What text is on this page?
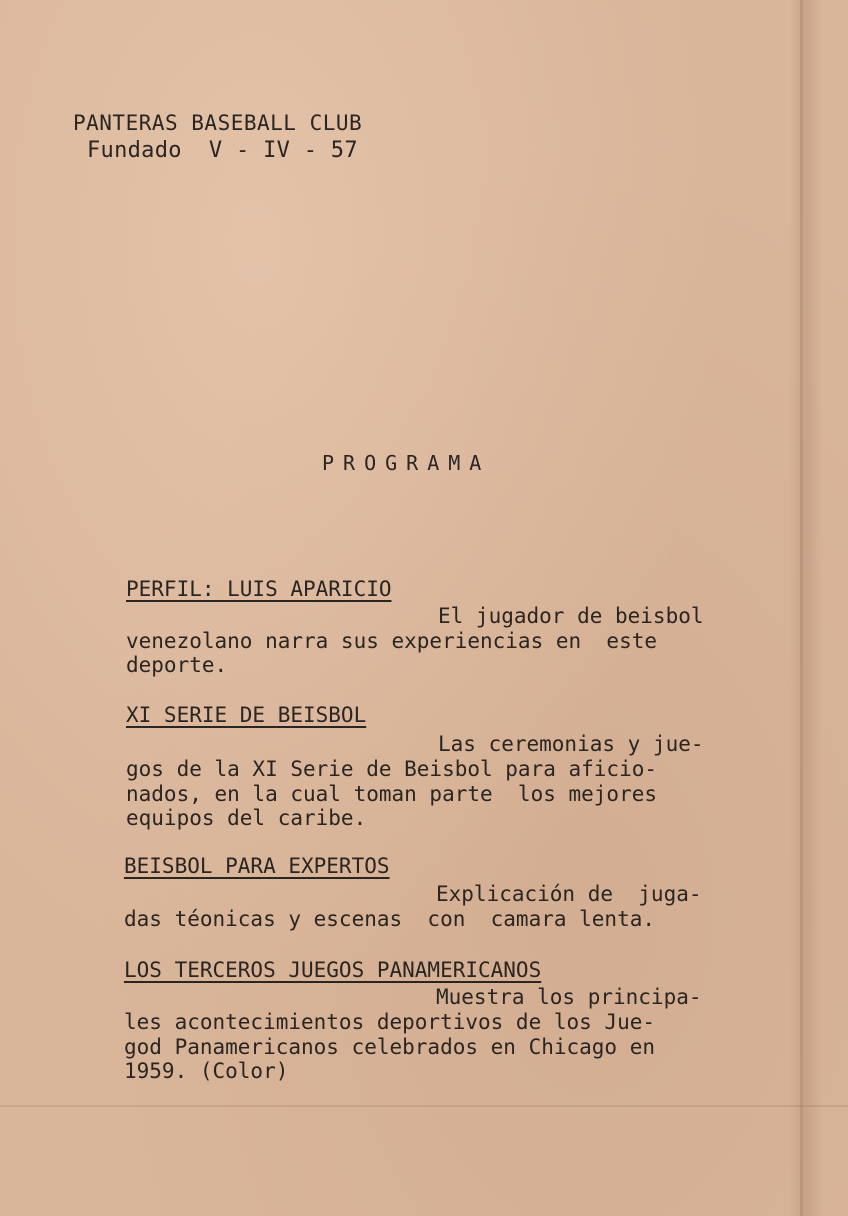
PANTERAS BASEBALL CLUB
Fundado  V - IV - 57
PROGRAMA
PERFIL: LUIS APARICIO
El jugador de beisbol
venezolano narra sus experiencias en  este
deporte.
XI SERIE DE BEISBOL
Las ceremonias y jue-
gos de la XI Serie de Beisbol para aficio-
nados, en la cual toman parte  los mejores
equipos del caribe.
BEISBOL PARA EXPERTOS
Explicación de  juga-
das téonicas y escenas  con  camara lenta.
LOS TERCEROS JUEGOS PANAMERICANOS
Muestra los principa-
les acontecimientos deportivos de los Jue-
god Panamericanos celebrados en Chicago en
1959. (Color)
